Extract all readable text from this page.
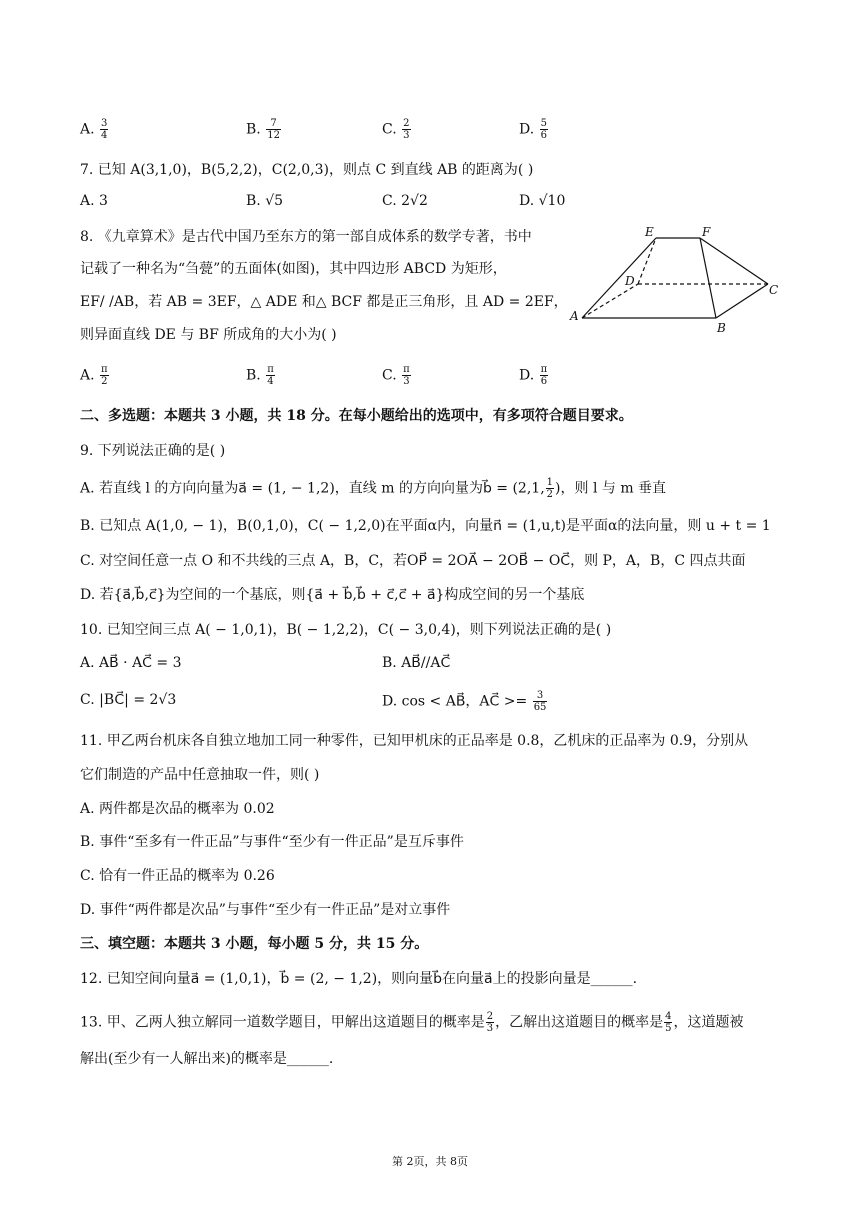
A. $\frac{3}{4}$	B. $\frac{7}{12}$	C. $\frac{2}{3}$	D. $\frac{5}{6}$
7. 已知 A(3,1,0)，B(5,2,2)，C(2,0,3)，则点 C 到直线 AB 的距离为( )
A. 3	B. √5	C. 2√2	D. √10
8. 《九章算术》是古代中国乃至东方的第一部自成体系的数学专著，书中
记载了一种名为“刍甍”的五面体(如图)，其中四边形 ABCD 为矩形，
EF/ /AB，若 AB = 3EF，△ ADE 和△ BCF 都是正三角形，且 AD = 2EF，
则异面直线 DE 与 BF 所成角的大小为( )
A
B
C
D
E	F
A. $\frac{\pi}{2}$	B. $\frac{\pi}{4}$	C. $\frac{\pi}{3}$	D. $\frac{\pi}{6}$
二、多选题：本题共 3 小题，共 18 分。在每小题给出的选项中，有多项符合题目要求。
9. 下列说法正确的是( )
A. 若直线 l 的方向向量为a⃗ = (1, − 1,2)，直线 m 的方向向量为b⃗ = (2,1, $\frac{1}{2}$ )，则 l 与 m 垂直
B. 已知点 A(1,0, − 1)，B(0,1,0)，C( − 1,2,0)在平面α内，向量n⃗ = (1,u,t)是平面α的法向量，则 u + t = 1
C. 对空间任意一点 O 和不共线的三点 A，B，C，若OP⃗ = 2OA⃗ − 2OB⃗ − OC⃗，则 P，A，B，C 四点共面
D. 若{a⃗,b⃗,c⃗}为空间的一个基底，则{a⃗ + b⃗,b⃗ + c⃗,c⃗ + a⃗}构成空间的另一个基底
10. 已知空间三点 A( − 1,0,1)，B( − 1,2,2)，C( − 3,0,4)，则下列说法正确的是( )
A. AB⃗ · AC⃗ = 3	B. AB⃗//AC⃗
C. |BC⃗| = 2√3	D. cos < AB⃗，AC⃗ >= $\frac{3}{65}$
11. 甲乙两台机床各自独立地加工同一种零件，已知甲机床的正品率是 0.8，乙机床的正品率为 0.9，分别从
它们制造的产品中任意抽取一件，则( )
A. 两件都是次品的概率为 0.02
B. 事件“至多有一件正品”与事件“至少有一件正品”是互斥事件
C. 恰有一件正品的概率为 0.26
D. 事件“两件都是次品”与事件“至少有一件正品”是对立事件
三、填空题：本题共 3 小题，每小题 5 分，共 15 分。
12. 已知空间向量a⃗ = (1,0,1)，b⃗ = (2, − 1,2)，则向量b⃗在向量a⃗上的投影向量是______.
13. 甲、乙两人独立解同一道数学题目，甲解出这道题目的概率是 $\frac{2}{3}$ ，乙解出这道题目的概率是 $\frac{4}{5}$ ，这道题被
解出(至少有一人解出来)的概率是______.
第 2页，共 8页
